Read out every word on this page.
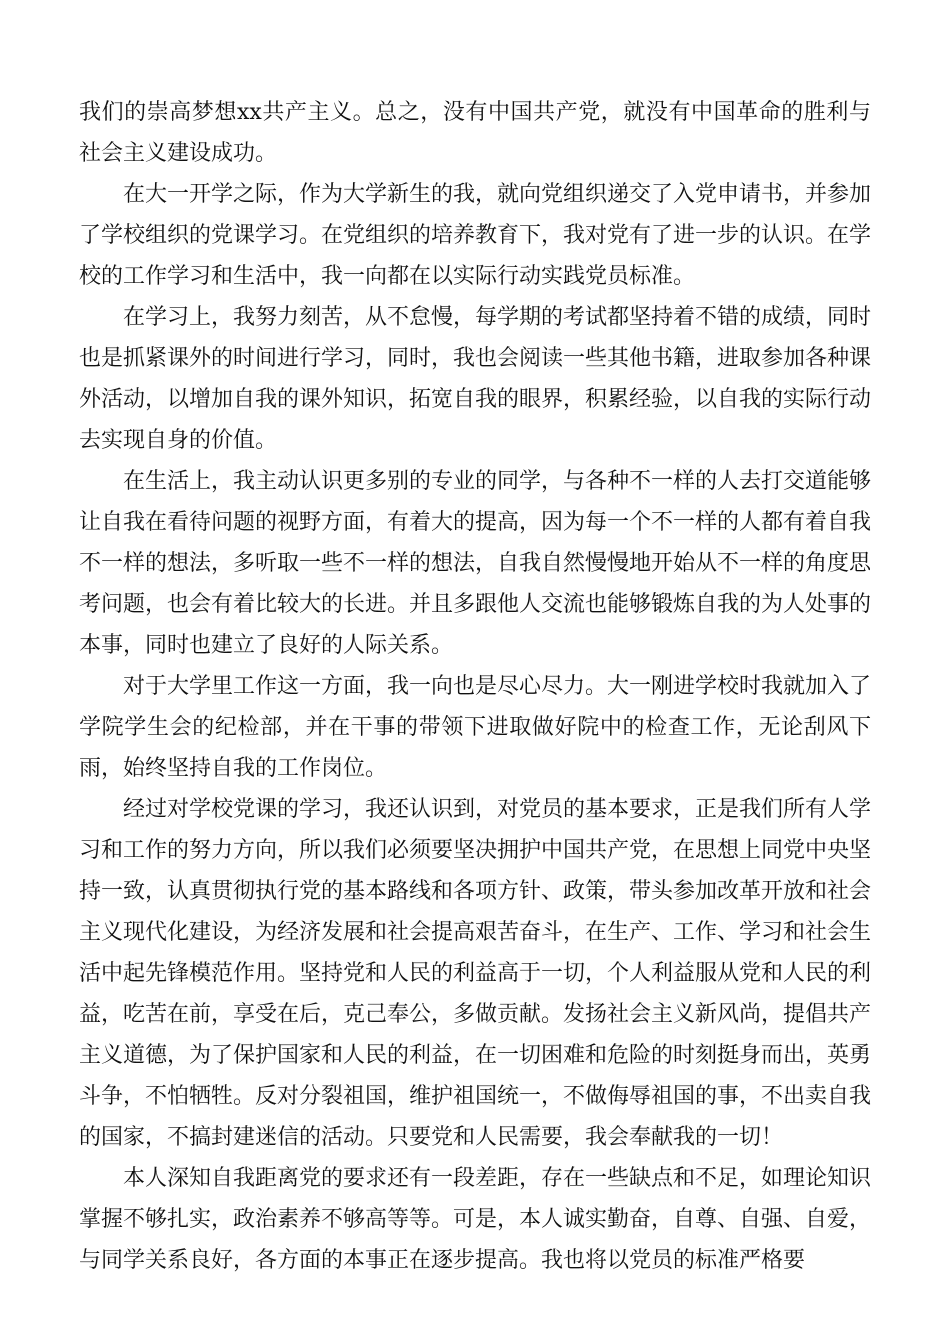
我们的崇高梦想xx共产主义。总之，没有中国共产党，就没有中国革命的胜利与社会主义建设成功。

在大一开学之际，作为大学新生的我，就向党组织递交了入党申请书，并参加了学校组织的党课学习。在党组织的培养教育下，我对党有了进一步的认识。在学校的工作学习和生活中，我一向都在以实际行动实践党员标准。

在学习上，我努力刻苦，从不怠慢，每学期的考试都坚持着不错的成绩，同时也是抓紧课外的时间进行学习，同时，我也会阅读一些其他书籍，进取参加各种课外活动，以增加自我的课外知识，拓宽自我的眼界，积累经验，以自我的实际行动去实现自身的价值。

在生活上，我主动认识更多别的专业的同学，与各种不一样的人去打交道能够让自我在看待问题的视野方面，有着大的提高，因为每一个不一样的人都有着自我不一样的想法，多听取一些不一样的想法，自我自然慢慢地开始从不一样的角度思考问题，也会有着比较大的长进。并且多跟他人交流也能够锻炼自我的为人处事的本事，同时也建立了良好的人际关系。

对于大学里工作这一方面，我一向也是尽心尽力。大一刚进学校时我就加入了学院学生会的纪检部，并在干事的带领下进取做好院中的检查工作，无论刮风下雨，始终坚持自我的工作岗位。

经过对学校党课的学习，我还认识到，对党员的基本要求，正是我们所有人学习和工作的努力方向，所以我们必须要坚决拥护中国共产党，在思想上同党中央坚持一致，认真贯彻执行党的基本路线和各项方针、政策，带头参加改革开放和社会主义现代化建设，为经济发展和社会提高艰苦奋斗，在生产、工作、学习和社会生活中起先锋模范作用。坚持党和人民的利益高于一切，个人利益服从党和人民的利益，吃苦在前，享受在后，克己奉公，多做贡献。发扬社会主义新风尚，提倡共产主义道德，为了保护国家和人民的利益，在一切困难和危险的时刻挺身而出，英勇斗争，不怕牺牲。反对分裂祖国，维护祖国统一，不做侮辱祖国的事，不出卖自我的国家，不搞封建迷信的活动。只要党和人民需要，我会奉献我的一切！

本人深知自我距离党的要求还有一段差距，存在一些缺点和不足，如理论知识掌握不够扎实，政治素养不够高等等。可是，本人诚实勤奋，自尊、自强、自爱，与同学关系良好，各方面的本事正在逐步提高。我也将以党员的标准严格要
